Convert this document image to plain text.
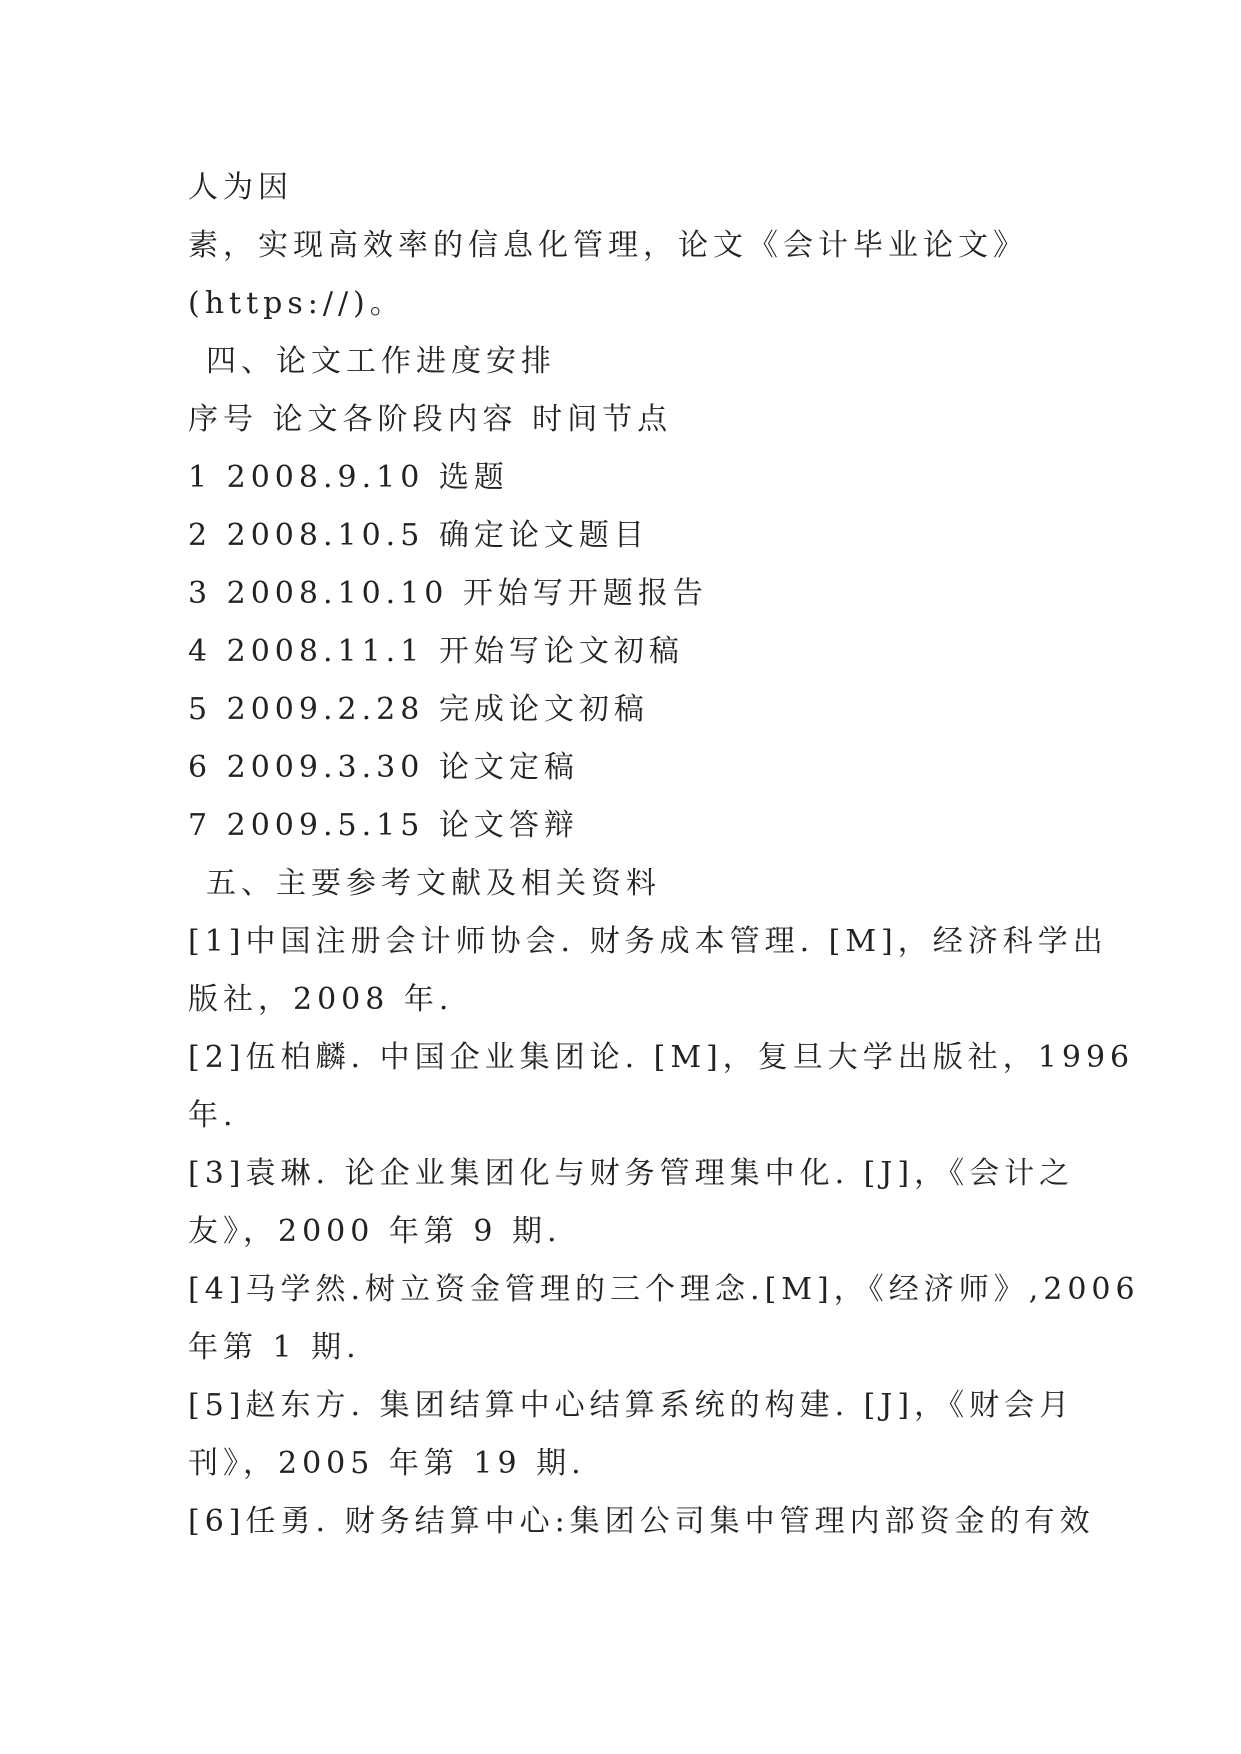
人为因
素，实现高效率的信息化管理，论文《会计毕业论文》
(https://)。
四、论文工作进度安排
序号 论文各阶段内容 时间节点
1 2008.9.10 选题
2 2008.10.5 确定论文题目
3 2008.10.10 开始写开题报告
4 2008.11.1 开始写论文初稿
5 2009.2.28 完成论文初稿
6 2009.3.30 论文定稿
7 2009.5.15 论文答辩
五、主要参考文献及相关资料
[1]中国注册会计师协会. 财务成本管理. [M]，经济科学出
版社，2008 年.
[2]伍柏麟. 中国企业集团论. [M]，复旦大学出版社，1996
年.
[3]袁琳. 论企业集团化与财务管理集中化. [J]，《会计之
友》，2000 年第 9 期.
[4]马学然.树立资金管理的三个理念.[M]，《经济师》,2006
年第 1 期.
[5]赵东方. 集团结算中心结算系统的构建. [J]，《财会月
刊》，2005 年第 19 期.
[6]任勇. 财务结算中心:集团公司集中管理内部资金的有效
